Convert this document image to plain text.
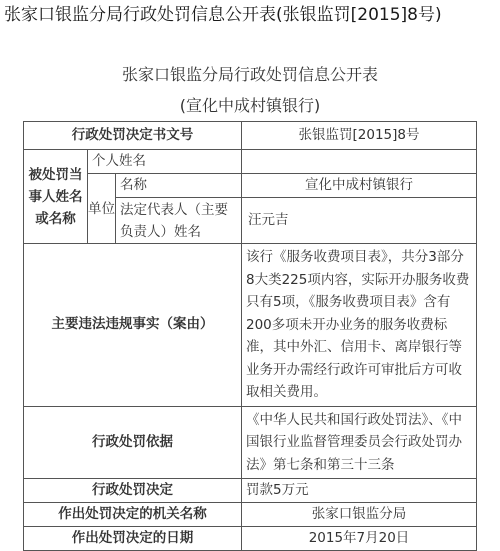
张家口银监分局行政处罚信息公开表(张银监罚[2015]8号)
张家口银监分局行政处罚信息公开表
(宣化中成村镇银行)
行政处罚决定书文号			张银监罚[2015]8号
被处罚当事人姓名或名称	个人姓名		
	单位	名称	宣化中成村镇银行
		法定代表人（主要负责人）姓名	汪元吉
主要违法违规事实（案由）			该行《服务收费项目表》，共分3部分8大类225项内容，实际开办服务收费只有5项，《服务收费项目表》含有200多项未开办业务的服务收费标准，其中外汇、信用卡、离岸银行等业务开办需经行政许可审批后方可收取相关费用。
行政处罚依据			《中华人民共和国行政处罚法》、《中国银行业监督管理委员会行政处罚办法》第七条和第三十三条
行政处罚决定			罚款5万元
作出处罚决定的机关名称			张家口银监分局
作出处罚决定的日期			2015年7月20日
